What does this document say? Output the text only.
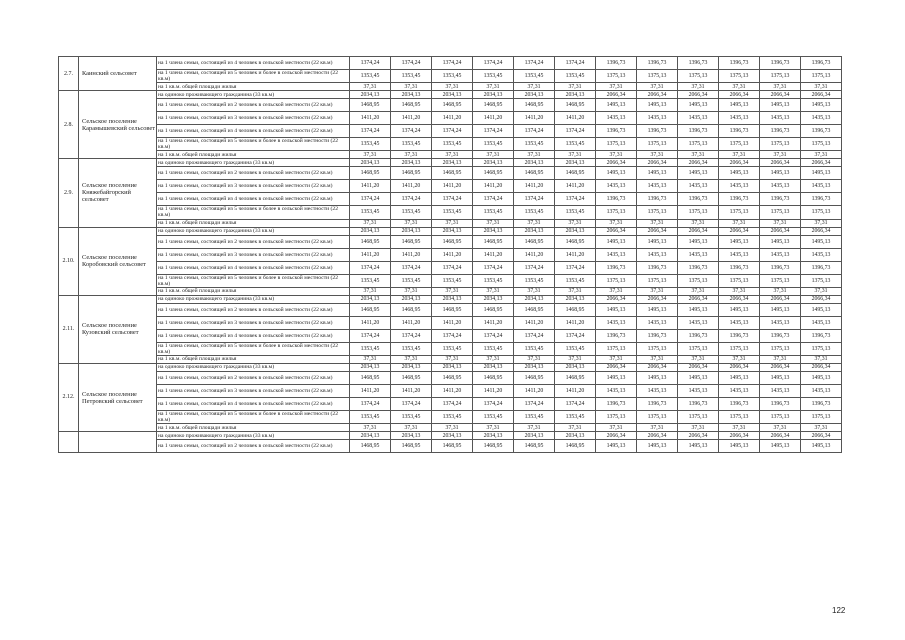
2.7.	Каинский сельсовет	на 1 члена семьи, состоящей из 4 человек в сельской местности (22 кв.м)	1374,24	1374,24	1374,24	1374,24	1374,24	1374,24	1396,73	1396,73	1396,73	1396,73	1396,73	1396,73
		на 1 члена семьи, состоящей из 5 человек и более в сельской местности (22 кв.м)	1353,45	1353,45	1353,45	1353,45	1353,45	1353,45	1375,13	1375,13	1375,13	1375,13	1375,13	1375,13
		на 1 кв.м. общей площади жилья	37,31	37,31	37,31	37,31	37,31	37,31	37,31	37,31	37,31	37,31	37,31	37,31
2.8.	Сельское поселение Карамышевский сельсовет	на одиноко проживающего гражданина (33 кв.м)	2034,13	2034,13	2034,13	2034,13	2034,13	2034,13	2066,34	2066,34	2066,34	2066,34	2066,34	2066,34
		на 1 члена семьи, состоящей из 2 человек в сельской местности (22 кв.м)	1468,95	1468,95	1468,95	1468,95	1468,95	1468,95	1495,13	1495,13	1495,13	1495,13	1495,13	1495,13
		на 1 члена семьи, состоящей из 3 человек в сельской местности (22 кв.м)	1411,20	1411,20	1411,20	1411,20	1411,20	1411,20	1435,13	1435,13	1435,13	1435,13	1435,13	1435,13
		на 1 члена семьи, состоящей из 4 человек в сельской местности (22 кв.м)	1374,24	1374,24	1374,24	1374,24	1374,24	1374,24	1396,73	1396,73	1396,73	1396,73	1396,73	1396,73
		на 1 члена семьи, состоящей из 5 человек и более в сельской местности (22 кв.м)	1353,45	1353,45	1353,45	1353,45	1353,45	1353,45	1375,13	1375,13	1375,13	1375,13	1375,13	1375,13
		на 1 кв.м. общей площади жилья	37,31	37,31	37,31	37,31	37,31	37,31	37,31	37,31	37,31	37,31	37,31	37,31
2.9.	Сельское поселение Княжебайгорский сельсовет	на одиноко проживающего гражданина (33 кв.м)	2034,13	2034,13	2034,13	2034,13	2034,13	2034,13	2066,34	2066,34	2066,34	2066,34	2066,34	2066,34
		на 1 члена семьи, состоящей из 2 человек в сельской местности (22 кв.м)	1468,95	1468,95	1468,95	1468,95	1468,95	1468,95	1495,13	1495,13	1495,13	1495,13	1495,13	1495,13
		на 1 члена семьи, состоящей из 3 человек в сельской местности (22 кв.м)	1411,20	1411,20	1411,20	1411,20	1411,20	1411,20	1435,13	1435,13	1435,13	1435,13	1435,13	1435,13
		на 1 члена семьи, состоящей из 4 человек в сельской местности (22 кв.м)	1374,24	1374,24	1374,24	1374,24	1374,24	1374,24	1396,73	1396,73	1396,73	1396,73	1396,73	1396,73
		на 1 члена семьи, состоящей из 5 человек и более в сельской местности (22 кв.м)	1353,45	1353,45	1353,45	1353,45	1353,45	1353,45	1375,13	1375,13	1375,13	1375,13	1375,13	1375,13
		на 1 кв.м. общей площади жилья	37,31	37,31	37,31	37,31	37,31	37,31	37,31	37,31	37,31	37,31	37,31	37,31
2.10.	Сельское поселение Коробовский сельсовет	на одиноко проживающего гражданина (33 кв.м)	2034,13	2034,13	2034,13	2034,13	2034,13	2034,13	2066,34	2066,34	2066,34	2066,34	2066,34	2066,34
		на 1 члена семьи, состоящей из 2 человек в сельской местности (22 кв.м)	1468,95	1468,95	1468,95	1468,95	1468,95	1468,95	1495,13	1495,13	1495,13	1495,13	1495,13	1495,13
		на 1 члена семьи, состоящей из 3 человек в сельской местности (22 кв.м)	1411,20	1411,20	1411,20	1411,20	1411,20	1411,20	1435,13	1435,13	1435,13	1435,13	1435,13	1435,13
		на 1 члена семьи, состоящей из 4 человек в сельской местности (22 кв.м)	1374,24	1374,24	1374,24	1374,24	1374,24	1374,24	1396,73	1396,73	1396,73	1396,73	1396,73	1396,73
		на 1 члена семьи, состоящей из 5 человек и более в сельской местности (22 кв.м)	1353,45	1353,45	1353,45	1353,45	1353,45	1353,45	1375,13	1375,13	1375,13	1375,13	1375,13	1375,13
		на 1 кв.м. общей площади жилья	37,31	37,31	37,31	37,31	37,31	37,31	37,31	37,31	37,31	37,31	37,31	37,31
2.11.	Сельское поселение Кузовский сельсовет	на одиноко проживающего гражданина (33 кв.м)	2034,13	2034,13	2034,13	2034,13	2034,13	2034,13	2066,34	2066,34	2066,34	2066,34	2066,34	2066,34
		на 1 члена семьи, состоящей из 2 человек в сельской местности (22 кв.м)	1468,95	1468,95	1468,95	1468,95	1468,95	1468,95	1495,13	1495,13	1495,13	1495,13	1495,13	1495,13
		на 1 члена семьи, состоящей из 3 человек в сельской местности (22 кв.м)	1411,20	1411,20	1411,20	1411,20	1411,20	1411,20	1435,13	1435,13	1435,13	1435,13	1435,13	1435,13
		на 1 члена семьи, состоящей из 4 человек в сельской местности (22 кв.м)	1374,24	1374,24	1374,24	1374,24	1374,24	1374,24	1396,73	1396,73	1396,73	1396,73	1396,73	1396,73
		на 1 члена семьи, состоящей из 5 человек и более в сельской местности (22 кв.м)	1353,45	1353,45	1353,45	1353,45	1353,45	1353,45	1375,13	1375,13	1375,13	1375,13	1375,13	1375,13
		на 1 кв.м. общей площади жилья	37,31	37,31	37,31	37,31	37,31	37,31	37,31	37,31	37,31	37,31	37,31	37,31
2.12.	Сельское поселение Петровский сельсовет	на одиноко проживающего гражданина (33 кв.м)	2034,13	2034,13	2034,13	2034,13	2034,13	2034,13	2066,34	2066,34	2066,34	2066,34	2066,34	2066,34
		на 1 члена семьи, состоящей из 2 человек в сельской местности (22 кв.м)	1468,95	1468,95	1468,95	1468,95	1468,95	1468,95	1495,13	1495,13	1495,13	1495,13	1495,13	1495,13
		на 1 члена семьи, состоящей из 3 человек в сельской местности (22 кв.м)	1411,20	1411,20	1411,20	1411,20	1411,20	1411,20	1435,13	1435,13	1435,13	1435,13	1435,13	1435,13
		на 1 члена семьи, состоящей из 4 человек в сельской местности (22 кв.м)	1374,24	1374,24	1374,24	1374,24	1374,24	1374,24	1396,73	1396,73	1396,73	1396,73	1396,73	1396,73
		на 1 члена семьи, состоящей из 5 человек и более в сельской местности (22 кв.м)	1353,45	1353,45	1353,45	1353,45	1353,45	1353,45	1375,13	1375,13	1375,13	1375,13	1375,13	1375,13
		на 1 кв.м. общей площади жилья	37,31	37,31	37,31	37,31	37,31	37,31	37,31	37,31	37,31	37,31	37,31	37,31
		на одиноко проживающего гражданина (33 кв.м)	2034,13	2034,13	2034,13	2034,13	2034,13	2034,13	2066,34	2066,34	2066,34	2066,34	2066,34	2066,34
		на 1 члена семьи, состоящей из 2 человек в сельской местности (22 кв.м)	1468,95	1468,95	1468,95	1468,95	1468,95	1468,95	1495,13	1495,13	1495,13	1495,13	1495,13	1495,13
122
